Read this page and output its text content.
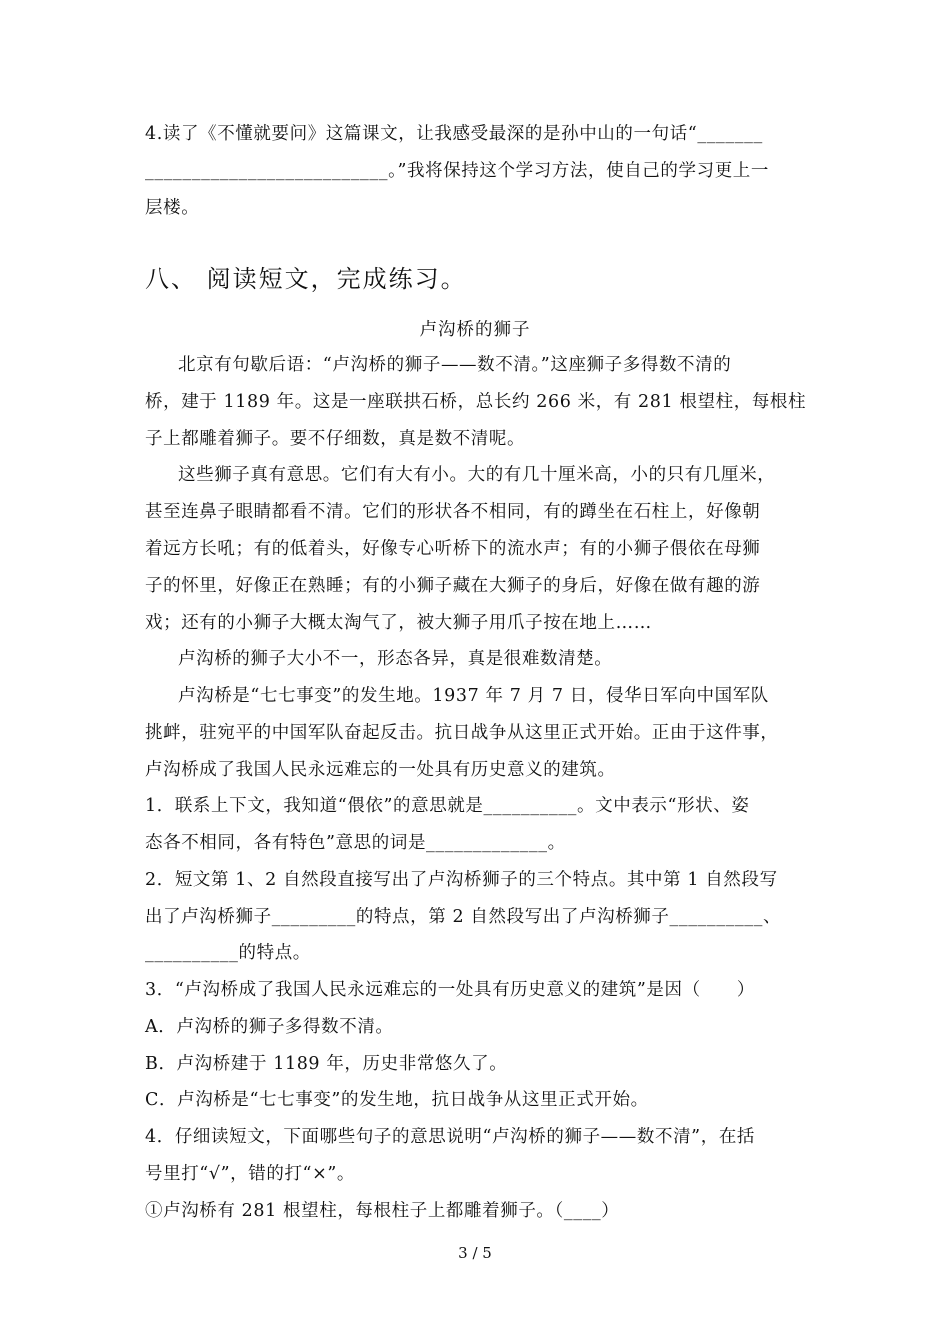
4.读了《不懂就要问》这篇课文，让我感受最深的是孙中山的一句话“_______
__________________________。”我将保持这个学习方法，使自己的学习更上一
层楼。
八、 阅读短文，完成练习。
卢沟桥的狮子
北京有句歇后语：“卢沟桥的狮子——数不清。”这座狮子多得数不清的
桥，建于 1189 年。这是一座联拱石桥，总长约 266 米，有 281 根望柱，每根柱
子上都雕着狮子。要不仔细数，真是数不清呢。
这些狮子真有意思。它们有大有小。大的有几十厘米高，小的只有几厘米，
甚至连鼻子眼睛都看不清。它们的形状各不相同，有的蹲坐在石柱上，好像朝
着远方长吼；有的低着头，好像专心听桥下的流水声；有的小狮子偎依在母狮
子的怀里，好像正在熟睡；有的小狮子藏在大狮子的身后，好像在做有趣的游
戏；还有的小狮子大概太淘气了，被大狮子用爪子按在地上……
卢沟桥的狮子大小不一，形态各异，真是很难数清楚。
卢沟桥是“七七事变”的发生地。1937 年 7 月 7 日，侵华日军向中国军队
挑衅，驻宛平的中国军队奋起反击。抗日战争从这里正式开始。正由于这件事，
卢沟桥成了我国人民永远难忘的一处具有历史意义的建筑。
1．联系上下文，我知道“偎依”的意思就是__________。文中表示“形状、姿
态各不相同，各有特色”意思的词是_____________。
2．短文第 1、2 自然段直接写出了卢沟桥狮子的三个特点。其中第 1 自然段写
出了卢沟桥狮子_________的特点，第 2 自然段写出了卢沟桥狮子__________、
__________的特点。
3．“卢沟桥成了我国人民永远难忘的一处具有历史意义的建筑”是因（　　）
A．卢沟桥的狮子多得数不清。
B．卢沟桥建于 1189 年，历史非常悠久了。
C．卢沟桥是“七七事变”的发生地，抗日战争从这里正式开始。
4．仔细读短文，下面哪些句子的意思说明“卢沟桥的狮子——数不清”，在括
号里打“√”，错的打“×”。
①卢沟桥有 281 根望柱，每根柱子上都雕着狮子。（____）
3 / 5
